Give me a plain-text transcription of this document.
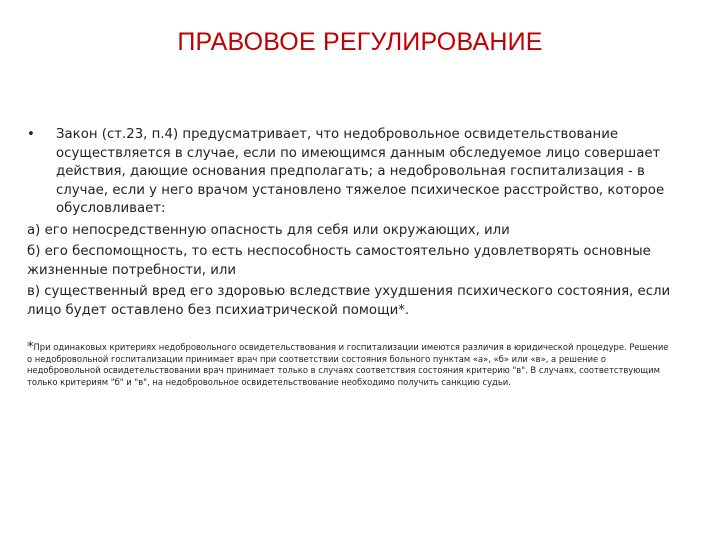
ПРАВОВОЕ РЕГУЛИРОВАНИЕ
•	Закон (ст.23, п.4) предусматривает, что недобровольное освидетельствование осуществляется в случае, если по имеющимся данным обследуемое лицо совершает действия, дающие основания предполагать; а недобровольная госпитализация - в случае, если у него врачом установлено тяжелое психическое расстройство, которое обусловливает:
а) его непосредственную опасность для себя или окружающих, или
б) его беспомощность, то есть неспособность самостоятельно удовлетворять основные жизненные потребности, или
в) существенный вред его здоровью вследствие ухудшения психического состояния, если лицо будет оставлено без психиатрической помощи*.
*При одинаковых критериях недобровольного освидетельствования и госпитализации имеются различия в юридической процедуре. Решение о недобровольной госпитализации принимает врач при соответствии состояния больного пунктам «а», «б» или «в», а решение о недобровольной освидетельствовании врач принимает только в случаях соответствия состояния критерию "в". В случаях, соответствующим только критериям "б" и "в", на недобровольное освидетельствование необходимо получить санкцию судьи.
